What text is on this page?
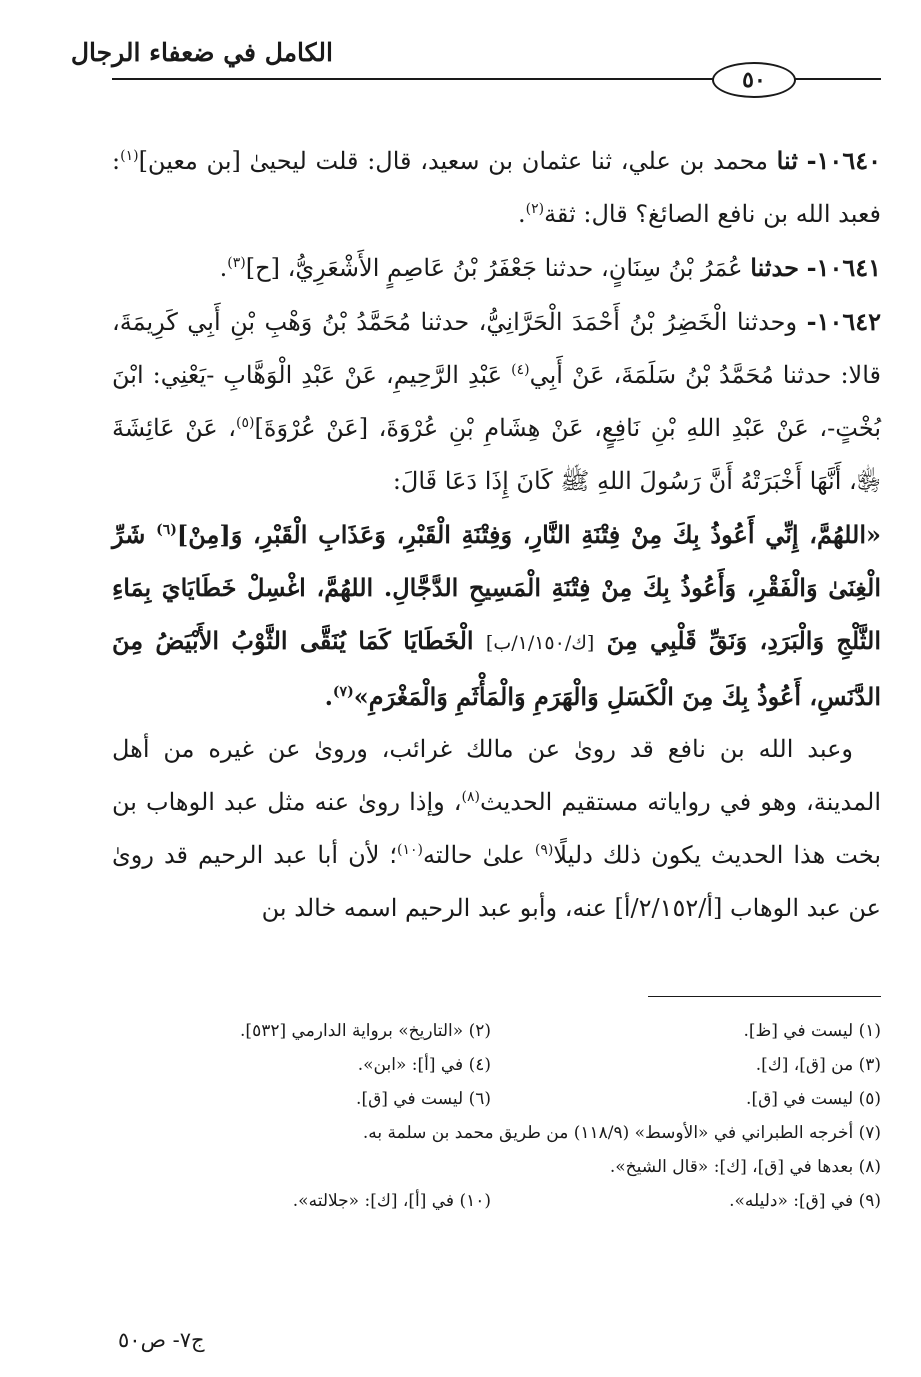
الكامل في ضعفاء الرجال
٥٠

١٠٦٤٠- ثنا محمد بن علي، ثنا عثمان بن سعيد، قال: قلت ليحيىٰ [بن معين]$^{(١)}$: فعبد الله بن نافع الصائغ؟ قال: ثقة$^{(٢)}$.

١٠٦٤١- حدثنا عُمَرُ بْنُ سِنَانٍ، حدثنا جَعْفَرُ بْنُ عَاصِمٍ الأَشْعَرِيُّ، [ح]$^{(٣)}$.

١٠٦٤٢- وحدثنا الْخَضِرُ بْنُ أَحْمَدَ الْحَرَّانِيُّ، حدثنا مُحَمَّدُ بْنُ وَهْبِ بْنِ أَبِي كَرِيمَةَ، قالا: حدثنا مُحَمَّدُ بْنُ سَلَمَةَ، عَنْ أَبِي$^{(٤)}$ عَبْدِ الرَّحِيمِ، عَنْ عَبْدِ الْوَهَّابِ -يَعْنِي: ابْنَ بُخْتٍ-، عَنْ عَبْدِ اللهِ بْنِ نَافِعٍ، عَنْ هِشَامِ بْنِ عُرْوَةَ، [عَنْ عُرْوَةَ]$^{(٥)}$، عَنْ عَائِشَةَ ﵂، أَنَّهَا أَخْبَرَتْهُ أَنَّ رَسُولَ اللهِ ﷺ كَانَ إِذَا دَعَا قَالَ:

«اللهُمَّ، إِنِّي أَعُوذُ بِكَ مِنْ فِتْنَةِ النَّارِ، وَفِتْنَةِ الْقَبْرِ، وَعَذَابِ الْقَبْرِ، وَ[مِنْ]$^{(٦)}$ شَرِّ الْغِنَىٰ وَالْفَقْرِ، وَأَعُوذُ بِكَ مِنْ فِتْنَةِ الْمَسِيحِ الدَّجَّالِ. اللهُمَّ، اغْسِلْ خَطَايَايَ بِمَاءِ الثَّلْجِ وَالْبَرَدِ، وَنَقِّ قَلْبِي مِنَ [ك/١/١٥٠/ب] الْخَطَايَا كَمَا يُنَقَّى الثَّوْبُ الأَبْيَضُ مِنَ الدَّنَسِ، أَعُوذُ بِكَ مِنَ الْكَسَلِ وَالْهَرَمِ وَالْمَأْثَمِ وَالْمَغْرَمِ»$^{(٧)}$.

وعبد الله بن نافع قد روىٰ عن مالك غرائب، وروىٰ عن غيره من أهل المدينة، وهو في رواياته مستقيم الحديث$^{(٨)}$، وإذا روىٰ عنه مثل عبد الوهاب بن بخت هذا الحديث يكون ذلك دليلًا$^{(٩)}$ علىٰ حالته$^{(١٠)}$؛ لأن أبا عبد الرحيم قد روىٰ عن عبد الوهاب [أ/٢/١٥٢/أ] عنه، وأبو عبد الرحيم اسمه خالد بن

(١) ليست في [ظ].
(٢) «التاريخ» برواية الدارمي [٥٣٢].
(٣) من [ق]، [ك].
(٤) في [أ]: «ابن».
(٥) ليست في [ق].
(٦) ليست في [ق].
(٧) أخرجه الطبراني في «الأوسط» (١١٨/٩) من طريق محمد بن سلمة به.
(٨) بعدها في [ق]، [ك]: «قال الشيخ».
(٩) في [ق]: «دليله».
(١٠) في [أ]، [ك]: «جلالته».
ج٧- ص٥٠
